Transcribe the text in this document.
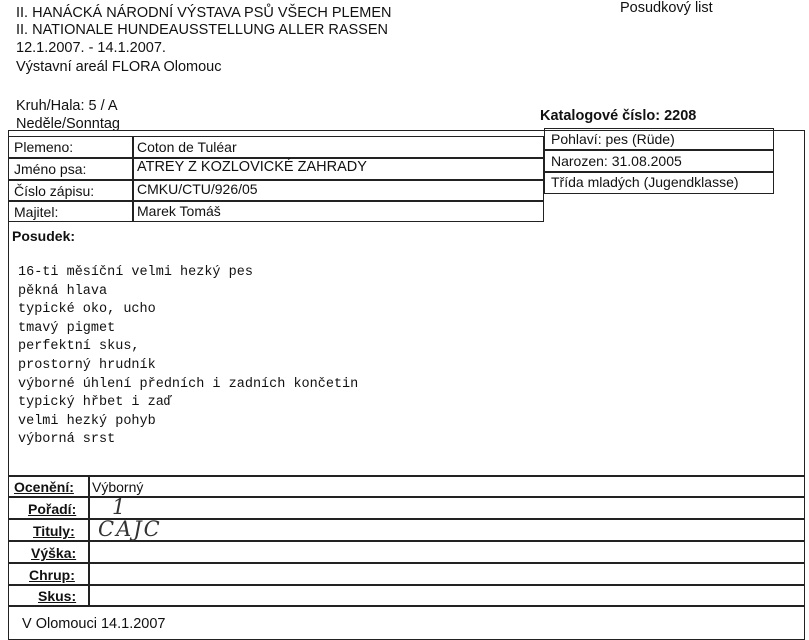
II. HANÁCKÁ NÁRODNÍ VÝSTAVA PSŮ VŠECH PLEMEN
II. NATIONALE HUNDEAUSSTELLUNG ALLER RASSEN
12.1.2007. - 14.1.2007.
Výstavní areál FLORA Olomouc
Posudkový list
Kruh/Hala: 5 / A
Neděle/Sonntag	Katalogové číslo: 2208
Plemeno:	Coton de Tuléar
Jméno psa:	ATREY Z KOZLOVICKÉ ZAHRADY
Číslo zápisu:	CMKU/CTU/926/05
Majitel:	Marek Tomáš
Pohlaví: pes (Rüde)
Narozen: 31.08.2005
Třída mladých (Jugendklasse)
Posudek:
16-ti měsíční velmi hezký pes
pěkná hlava
typické oko, ucho
tmavý pigmet
perfektní skus,
prostorný hrudník
výborné úhlení předních i zadních končetin
typický hřbet i zaď
velmi hezký pohyb
výborná srst
Ocenění: Výborný
Pořadí: 1
Tituly: CAJC
Výška:
Chrup:
Skus:
V Olomouci 14.1.2007
